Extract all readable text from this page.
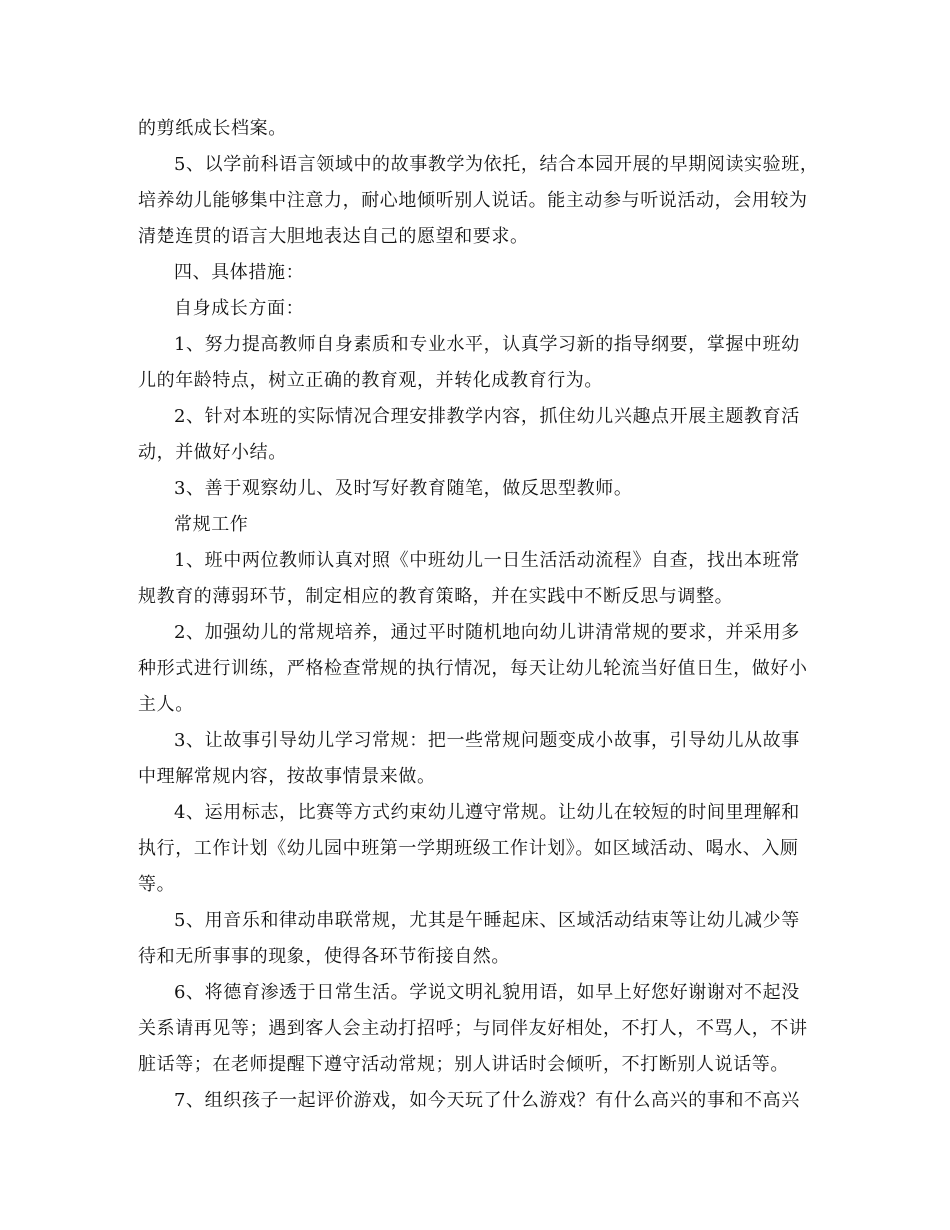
的剪纸成长档案。
5、以学前科语言领域中的故事教学为依托，结合本园开展的早期阅读实验班，
培养幼儿能够集中注意力，耐心地倾听别人说话。能主动参与听说活动，会用较为
清楚连贯的语言大胆地表达自己的愿望和要求。
四、具体措施：
自身成长方面：
1、努力提高教师自身素质和专业水平，认真学习新的指导纲要，掌握中班幼
儿的年龄特点，树立正确的教育观，并转化成教育行为。
2、针对本班的实际情况合理安排教学内容，抓住幼儿兴趣点开展主题教育活
动，并做好小结。
3、善于观察幼儿、及时写好教育随笔，做反思型教师。
常规工作
1、班中两位教师认真对照《中班幼儿一日生活活动流程》自查，找出本班常
规教育的薄弱环节，制定相应的教育策略，并在实践中不断反思与调整。
2、加强幼儿的常规培养，通过平时随机地向幼儿讲清常规的要求，并采用多
种形式进行训练，严格检查常规的执行情况，每天让幼儿轮流当好值日生，做好小
主人。
3、让故事引导幼儿学习常规：把一些常规问题变成小故事，引导幼儿从故事
中理解常规内容，按故事情景来做。
4、运用标志，比赛等方式约束幼儿遵守常规。让幼儿在较短的时间里理解和
执行，工作计划《幼儿园中班第一学期班级工作计划》。如区域活动、喝水、入厕
等。
5、用音乐和律动串联常规，尤其是午睡起床、区域活动结束等让幼儿减少等
待和无所事事的现象，使得各环节衔接自然。
6、将德育渗透于日常生活。学说文明礼貌用语，如早上好您好谢谢对不起没
关系请再见等；遇到客人会主动打招呼；与同伴友好相处，不打人，不骂人，不讲
脏话等；在老师提醒下遵守活动常规；别人讲话时会倾听，不打断别人说话等。
7、组织孩子一起评价游戏，如今天玩了什么游戏？有什么高兴的事和不高兴
